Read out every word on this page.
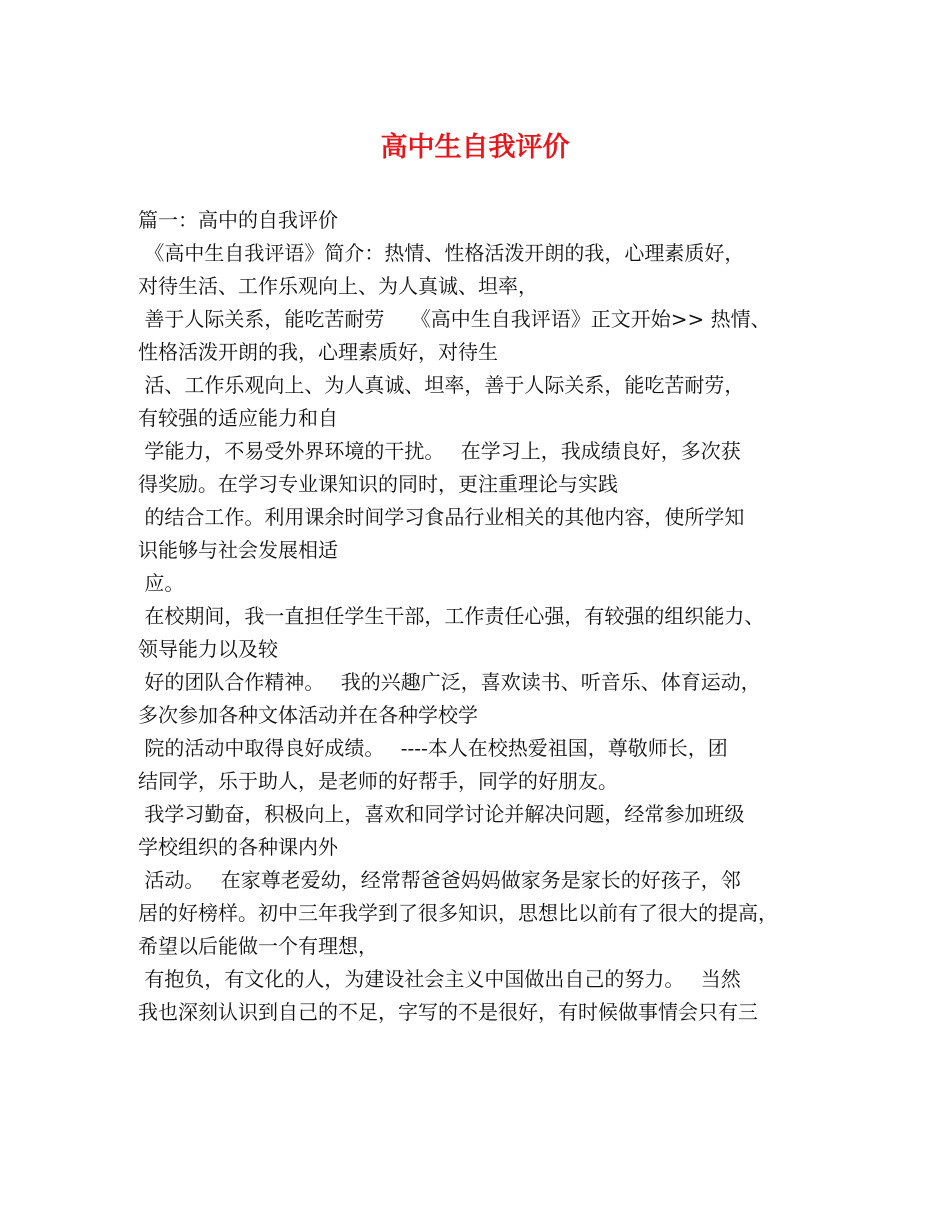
高中生自我评价
篇一：高中的自我评价
《高中生自我评语》简介：热情、性格活泼开朗的我，心理素质好，
对待生活、工作乐观向上、为人真诚、坦率，
善于人际关系，能吃苦耐劳　 《高中生自我评语》正文开始>> 热情、
性格活泼开朗的我，心理素质好，对待生
活、工作乐观向上、为人真诚、坦率，善于人际关系，能吃苦耐劳，
有较强的适应能力和自
学能力，不易受外界环境的干扰。　 在学习上，我成绩良好，多次获
得奖励。在学习专业课知识的同时，更注重理论与实践
的结合工作。利用课余时间学习食品行业相关的其他内容，使所学知
识能够与社会发展相适
应。
在校期间，我一直担任学生干部，工作责任心强，有较强的组织能力、
领导能力以及较
好的团队合作精神。　 我的兴趣广泛，喜欢读书、听音乐、体育运动，
多次参加各种文体活动并在各种学校学
院的活动中取得良好成绩。　 ----本人在校热爱祖国，尊敬师长，团
结同学，乐于助人，是老师的好帮手，同学的好朋友。
我学习勤奋，积极向上，喜欢和同学讨论并解决问题，经常参加班级
学校组织的各种课内外
活动。　 在家尊老爱幼，经常帮爸爸妈妈做家务是家长的好孩子，邻
居的好榜样。初中三年我学到了很多知识，思想比以前有了很大的提高，
希望以后能做一个有理想，
有抱负，有文化的人，为建设社会主义中国做出自己的努力。　 当然
我也深刻认识到自己的不足，字写的不是很好，有时候做事情会只有三
